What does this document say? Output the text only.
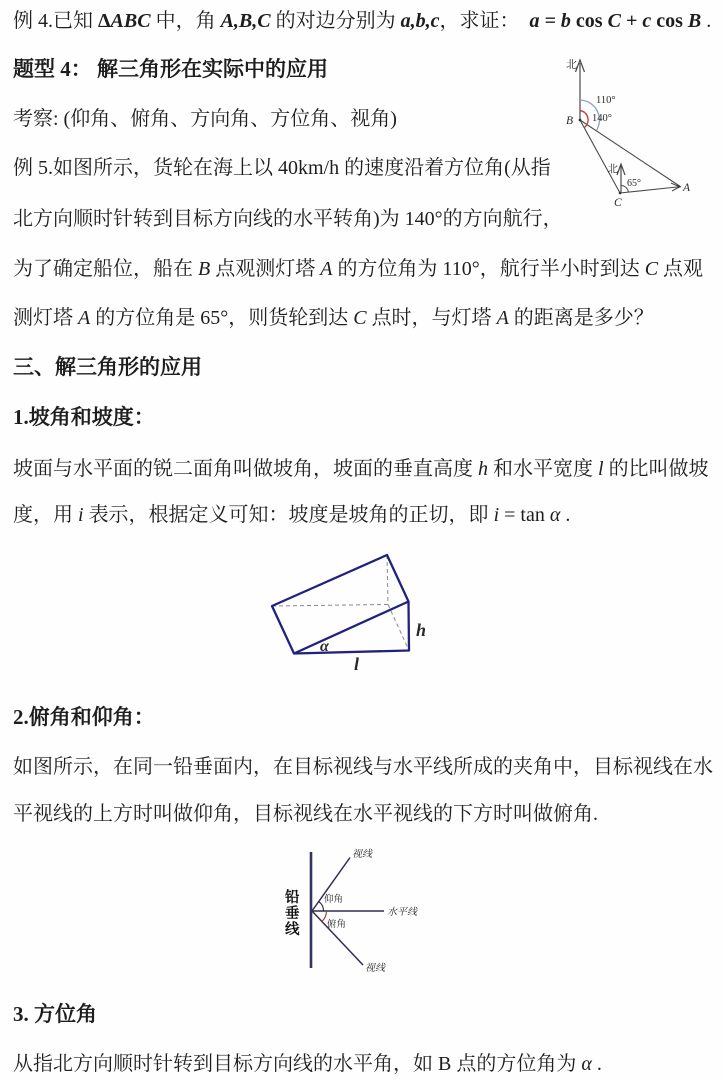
例 4.已知 ΔABC 中，角 A,B,C 的对边分别为 a,b,c，求证：  a = b cos C + c cos B .

题型 4： 解三角形在实际中的应用

考察: (仰角、俯角、方向角、方位角、视角)

例 5.如图所示，货轮在海上以 40km/h 的速度沿着方位角(从指

北方向顺时针转到目标方向线的水平转角)为 140°的方向航行，

为了确定船位，船在 B 点观测灯塔 A 的方位角为 110°，航行半小时到达 C 点观

测灯塔 A 的方位角是 65°，则货轮到达 C 点时，与灯塔 A 的距离是多少？

三、解三角形的应用

1.坡角和坡度：

坡面与水平面的锐二面角叫做坡角，坡面的垂直高度 h 和水平宽度 l 的比叫做坡

度，用 i 表示，根据定义可知：坡度是坡角的正切，即 i = tan α .

2.俯角和仰角：

如图所示，在同一铅垂面内，在目标视线与水平线所成的夹角中，目标视线在水

平视线的上方时叫做仰角，目标视线在水平视线的下方时叫做俯角.

3. 方位角

从指北方向顺时针转到目标方向线的水平角，如 B 点的方位角为 α .

北
110°
140°
B
北
65°
C
A
α
l
h
仰角
俯角
水平线
视线
视线
铅垂线
